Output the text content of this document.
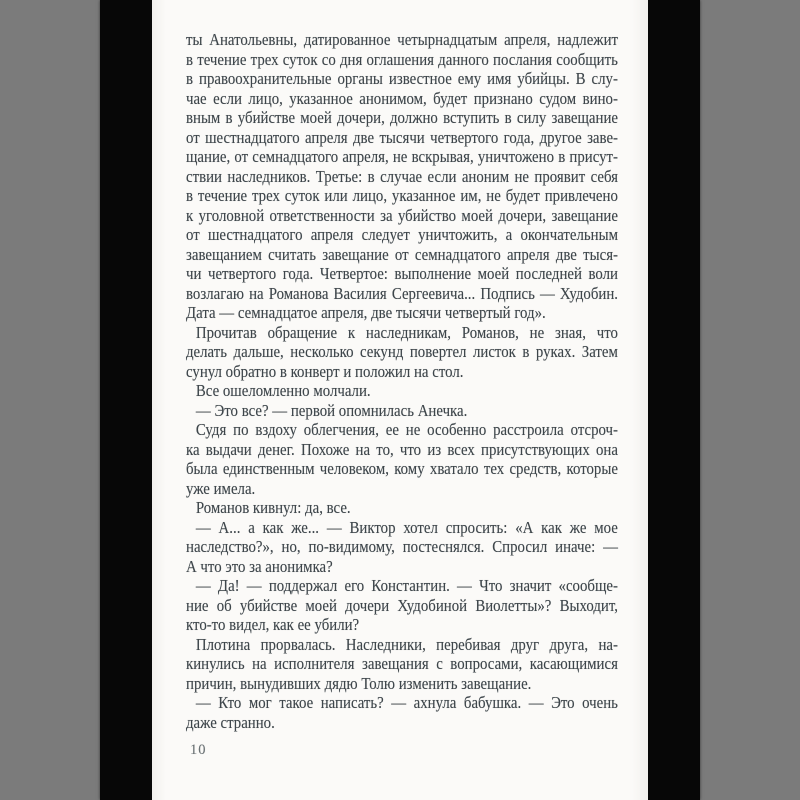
ты Анатольевны, датированное четырнадцатым апреля, надлежит
в течение трех суток со дня оглашения данного послания сообщить
в правоохранительные органы известное ему имя убийцы. В слу-
чае если лицо, указанное анонимом, будет признано судом вино-
вным в убийстве моей дочери, должно вступить в силу завещание
от шестнадцатого апреля две тысячи четвертого года, другое заве-
щание, от семнадцатого апреля, не вскрывая, уничтожено в присут-
ствии наследников. Третье: в случае если аноним не проявит себя
в течение трех суток или лицо, указанное им, не будет привлечено
к уголовной ответственности за убийство моей дочери, завещание
от шестнадцатого апреля следует уничтожить, а окончательным
завещанием считать завещание от семнадцатого апреля две тыся-
чи четвертого года. Четвертое: выполнение моей последней воли
возлагаю на Романова Василия Сергеевича... Подпись — Худобин.
Дата — семнадцатое апреля, две тысячи четвертый год».
Прочитав обращение к наследникам, Романов, не зная, что
делать дальше, несколько секунд повертел листок в руках. Затем
сунул обратно в конверт и положил на стол.
Все ошеломленно молчали.
— Это все? — первой опомнилась Анечка.
Судя по вздоху облегчения, ее не особенно расстроила отсроч-
ка выдачи денег. Похоже на то, что из всех присутствующих она
была единственным человеком, кому хватало тех средств, которые
уже имела.
Романов кивнул: да, все.
— А... а как же... — Виктор хотел спросить: «А как же мое
наследство?», но, по-видимому, постеснялся. Спросил иначе: —
А что это за анонимка?
— Да! — поддержал его Константин. — Что значит «сообще-
ние об убийстве моей дочери Худобиной Виолетты»? Выходит,
кто-то видел, как ее убили?
Плотина прорвалась. Наследники, перебивая друг друга, на-
кинулись на исполнителя завещания с вопросами, касающимися
причин, вынудивших дядю Толю изменить завещание.
— Кто мог такое написать? — ахнула бабушка. — Это очень
даже странно.
10
